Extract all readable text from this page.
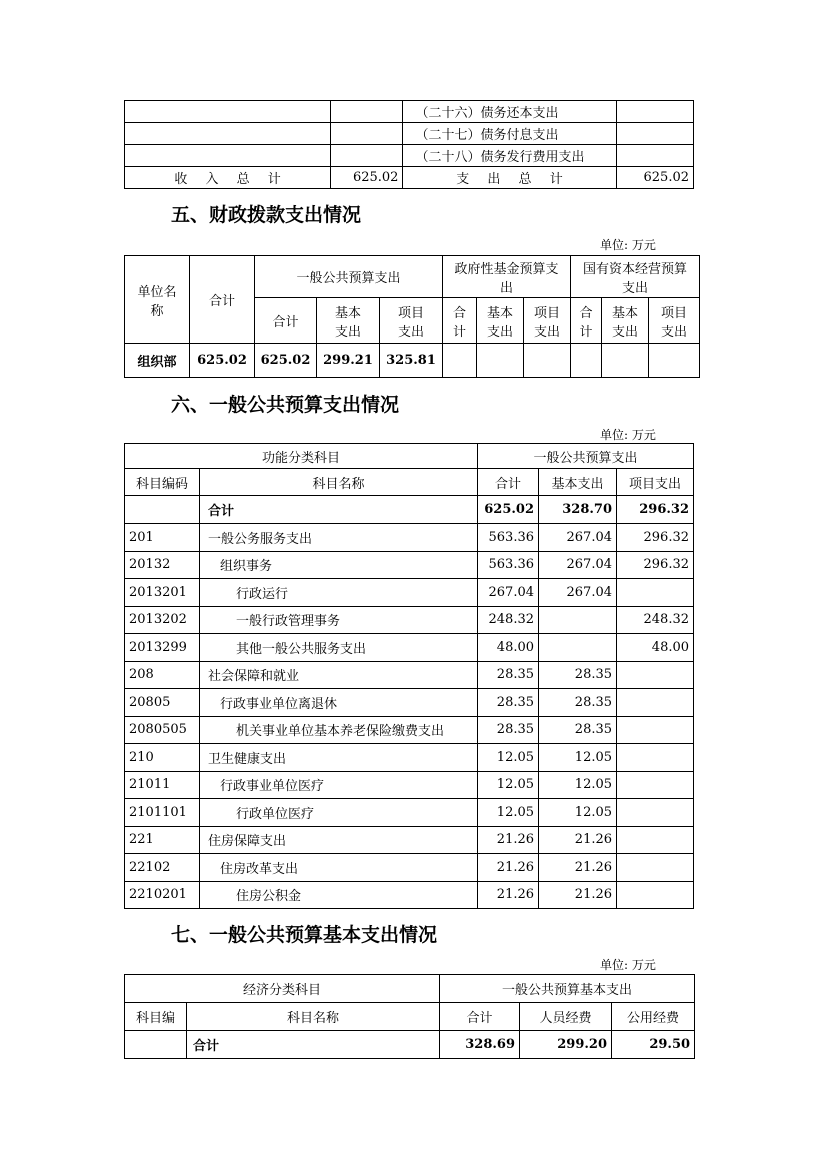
		（二十六）债务还本支出	
		（二十七）债务付息支出	
		（二十八）债务发行费用支出	
收 入 总 计	625.02	支 出 总 计	625.02
五、财政拨款支出情况
单位: 万元
单位名称	合计	一般公共预算支出			政府性基金预算支出			国有资本经营预算支出		
		合计	基本支出	项目支出	合计	基本支出	项目支出	合计	基本支出	项目支出
组织部	625.02	625.02	299.21	325.81						
六、一般公共预算支出情况
单位: 万元
功能分类科目		一般公共预算支出		
科目编码	科目名称	合计	基本支出	项目支出
	合计	625.02	328.70	296.32
201	一般公务服务支出	563.36	267.04	296.32
20132	组织事务	563.36	267.04	296.32
2013201	行政运行	267.04	267.04	
2013202	一般行政管理事务	248.32		248.32
2013299	其他一般公共服务支出	48.00		48.00
208	社会保障和就业	28.35	28.35	
20805	行政事业单位离退休	28.35	28.35	
2080505	机关事业单位基本养老保险缴费支出	28.35	28.35	
210	卫生健康支出	12.05	12.05	
21011	行政事业单位医疗	12.05	12.05	
2101101	行政单位医疗	12.05	12.05	
221	住房保障支出	21.26	21.26	
22102	住房改革支出	21.26	21.26	
2210201	住房公积金	21.26	21.26	
七、一般公共预算基本支出情况
单位: 万元
经济分类科目		一般公共预算基本支出		
科目编	科目名称	合计	人员经费	公用经费
	合计	328.69	299.20	29.50
